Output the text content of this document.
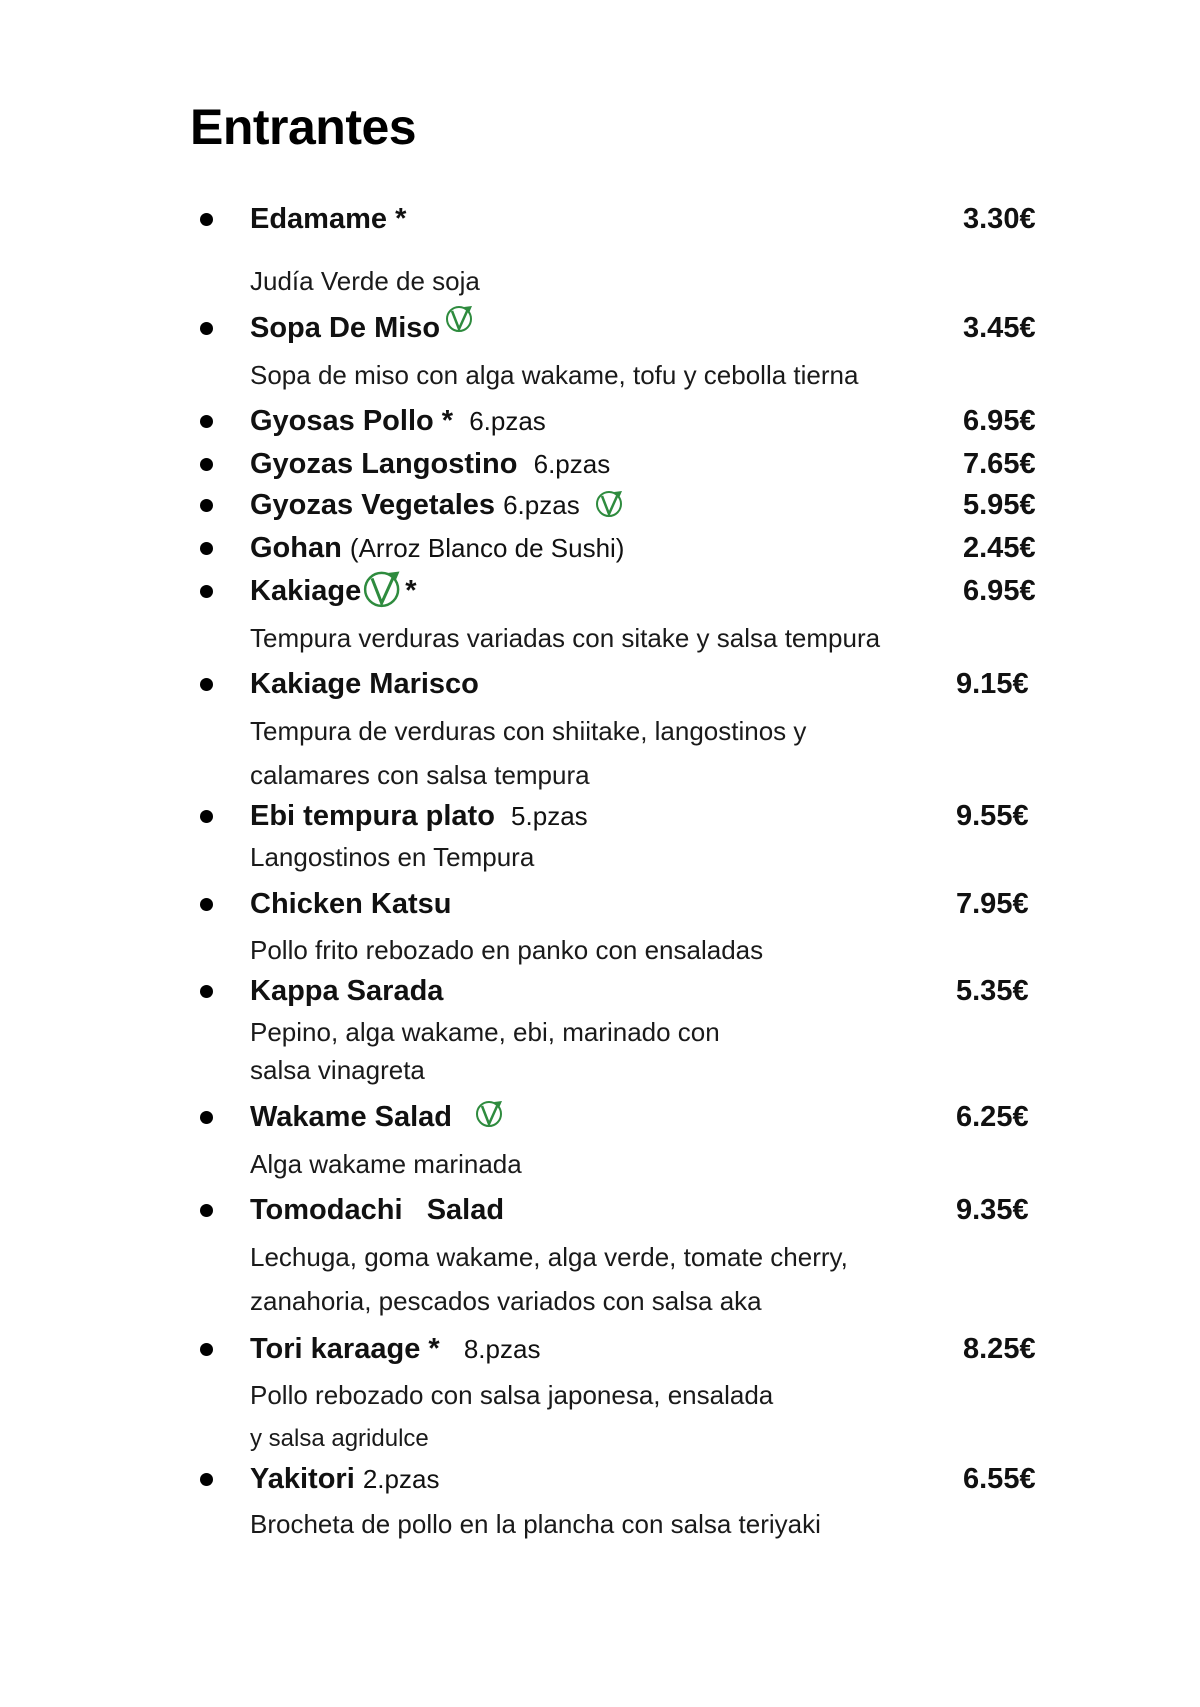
Entrantes
Edamame *	3.30€
Judía Verde de soja
Sopa De Miso	3.45€
Sopa de miso con alga wakame, tofu y cebolla tierna
Gyosas Pollo * 6.pzas	6.95€
Gyozas Langostino 6.pzas	7.65€
Gyozas Vegetales 6.pzas	5.95€
Gohan (Arroz Blanco de Sushi)	2.45€
Kakiage *	6.95€
Tempura verduras variadas con sitake y salsa tempura
Kakiage Marisco	9.15€
Tempura de verduras con shiitake, langostinos y
calamares con salsa tempura
Ebi tempura plato 5.pzas	9.55€
Langostinos en Tempura
Chicken Katsu	7.95€
Pollo frito rebozado en panko con ensaladas
Kappa Sarada	5.35€
Pepino, alga wakame, ebi, marinado con
salsa vinagreta
Wakame Salad	6.25€
Alga wakame marinada
Tomodachi   Salad	9.35€
Lechuga, goma wakame, alga verde, tomate cherry,
zanahoria, pescados variados con salsa aka
Tori karaage * 8.pzas	8.25€
Pollo rebozado con salsa japonesa, ensalada
y salsa agridulce
Yakitori 2.pzas	6.55€
Brocheta de pollo en la plancha con salsa teriyaki
